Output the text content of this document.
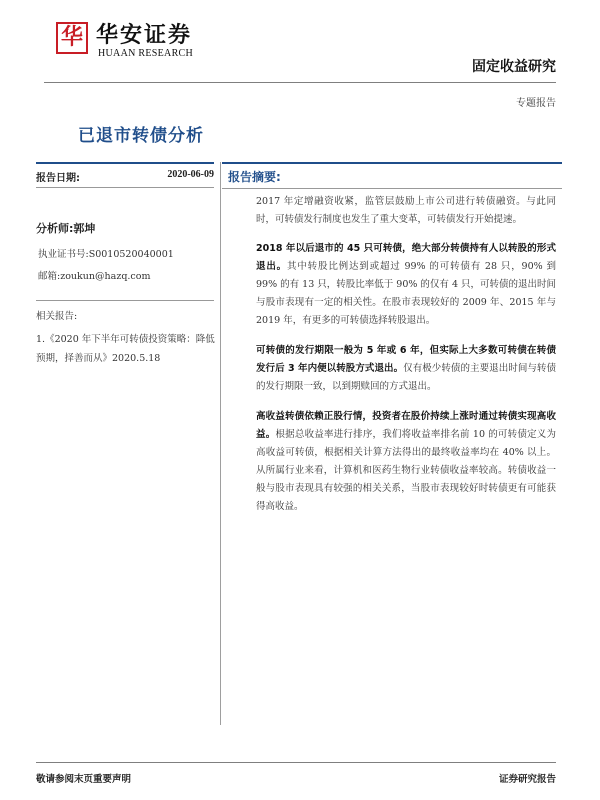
华 华安证券
HUAAN RESEARCH
固定收益研究
专题报告
已退市转债分析
报告日期:	2020-06-09
分析师:郭坤
执业证书号:S0010520040001
邮箱:zoukun@hazq.com
相关报告:
1.《2020 年下半年可转债投资策略：降低预期，择善而从》2020.5.18
报告摘要:
2017 年定增融资收紧，监管层鼓励上市公司进行转债融资。与此同时，可转债发行制度也发生了重大变革，可转债发行开始提速。
2018 年以后退市的 45 只可转债，绝大部分转债持有人以转股的形式退出。其中转股比例达到或超过 99% 的可转债有 28 只，90% 到 99% 的有 13 只，转股比率低于 90% 的仅有 4 只，可转债的退出时间与股市表现有一定的相关性。在股市表现较好的 2009 年、2015 年与 2019 年，有更多的可转债选择转股退出。
可转债的发行期限一般为 5 年或 6 年，但实际上大多数可转债在转债发行后 3 年内便以转股方式退出。仅有极少转债的主要退出时间与转债的发行期限一致，以到期赎回的方式退出。
高收益转债依赖正股行情，投资者在股价持续上涨时通过转债实现高收益。根据总收益率进行排序，我们将收益率排名前 10 的可转债定义为高收益可转债，根据相关计算方法得出的最终收益率均在 40% 以上。从所属行业来看，计算机和医药生物行业转债收益率较高。转债收益一般与股市表现具有较强的相关关系，当股市表现较好时转债更有可能获得高收益。
敬请参阅末页重要声明	证券研究报告
